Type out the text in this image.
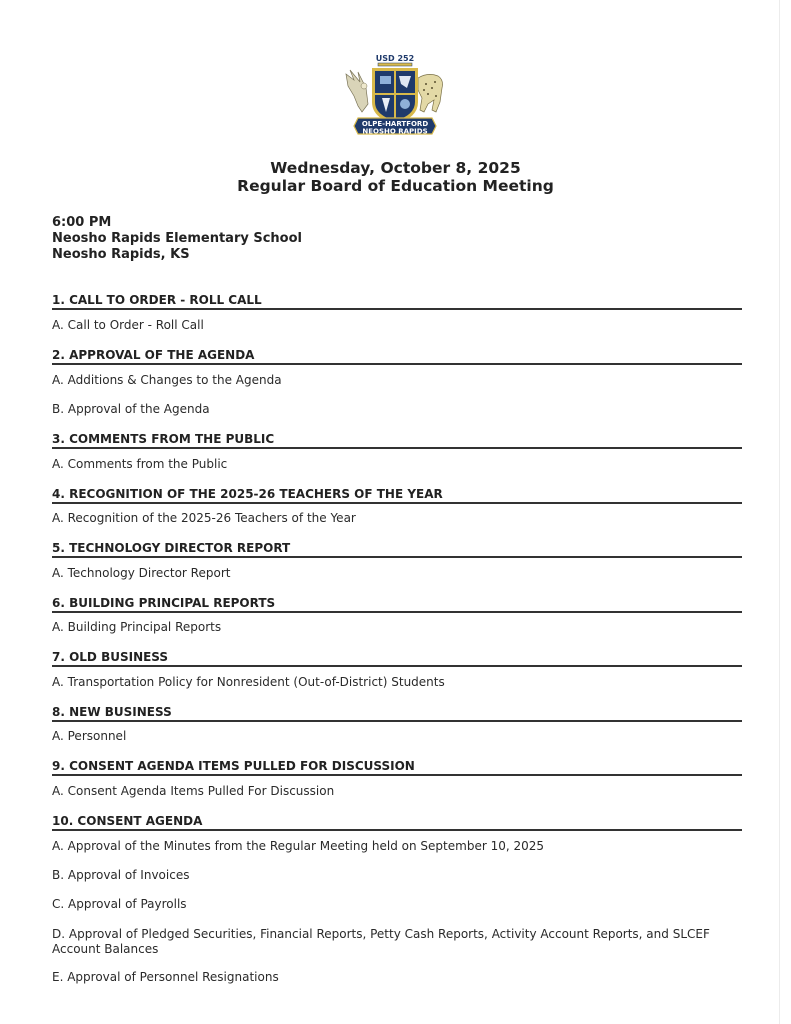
USD 252
OLPE-HARTFORD
NEOSHO RAPIDS
Wednesday, October 8, 2025
Regular Board of Education Meeting
6:00 PM
Neosho Rapids Elementary School
Neosho Rapids, KS
1. CALL TO ORDER - ROLL CALL
A. Call to Order - Roll Call
2. APPROVAL OF THE AGENDA
A. Additions & Changes to the Agenda
B. Approval of the Agenda
3. COMMENTS FROM THE PUBLIC
A. Comments from the Public
4. RECOGNITION OF THE 2025-26 TEACHERS OF THE YEAR
A. Recognition of the 2025-26 Teachers of the Year
5. TECHNOLOGY DIRECTOR REPORT
A. Technology Director Report
6. BUILDING PRINCIPAL REPORTS
A. Building Principal Reports
7. OLD BUSINESS
A. Transportation Policy for Nonresident (Out-of-District) Students
8. NEW BUSINESS
A. Personnel
9. CONSENT AGENDA ITEMS PULLED FOR DISCUSSION
A. Consent Agenda Items Pulled For Discussion
10. CONSENT AGENDA
A. Approval of the Minutes from the Regular Meeting held on September 10, 2025
B. Approval of Invoices
C. Approval of Payrolls
D. Approval of Pledged Securities, Financial Reports, Petty Cash Reports, Activity Account Reports, and SLCEF Account Balances
E. Approval of Personnel Resignations
